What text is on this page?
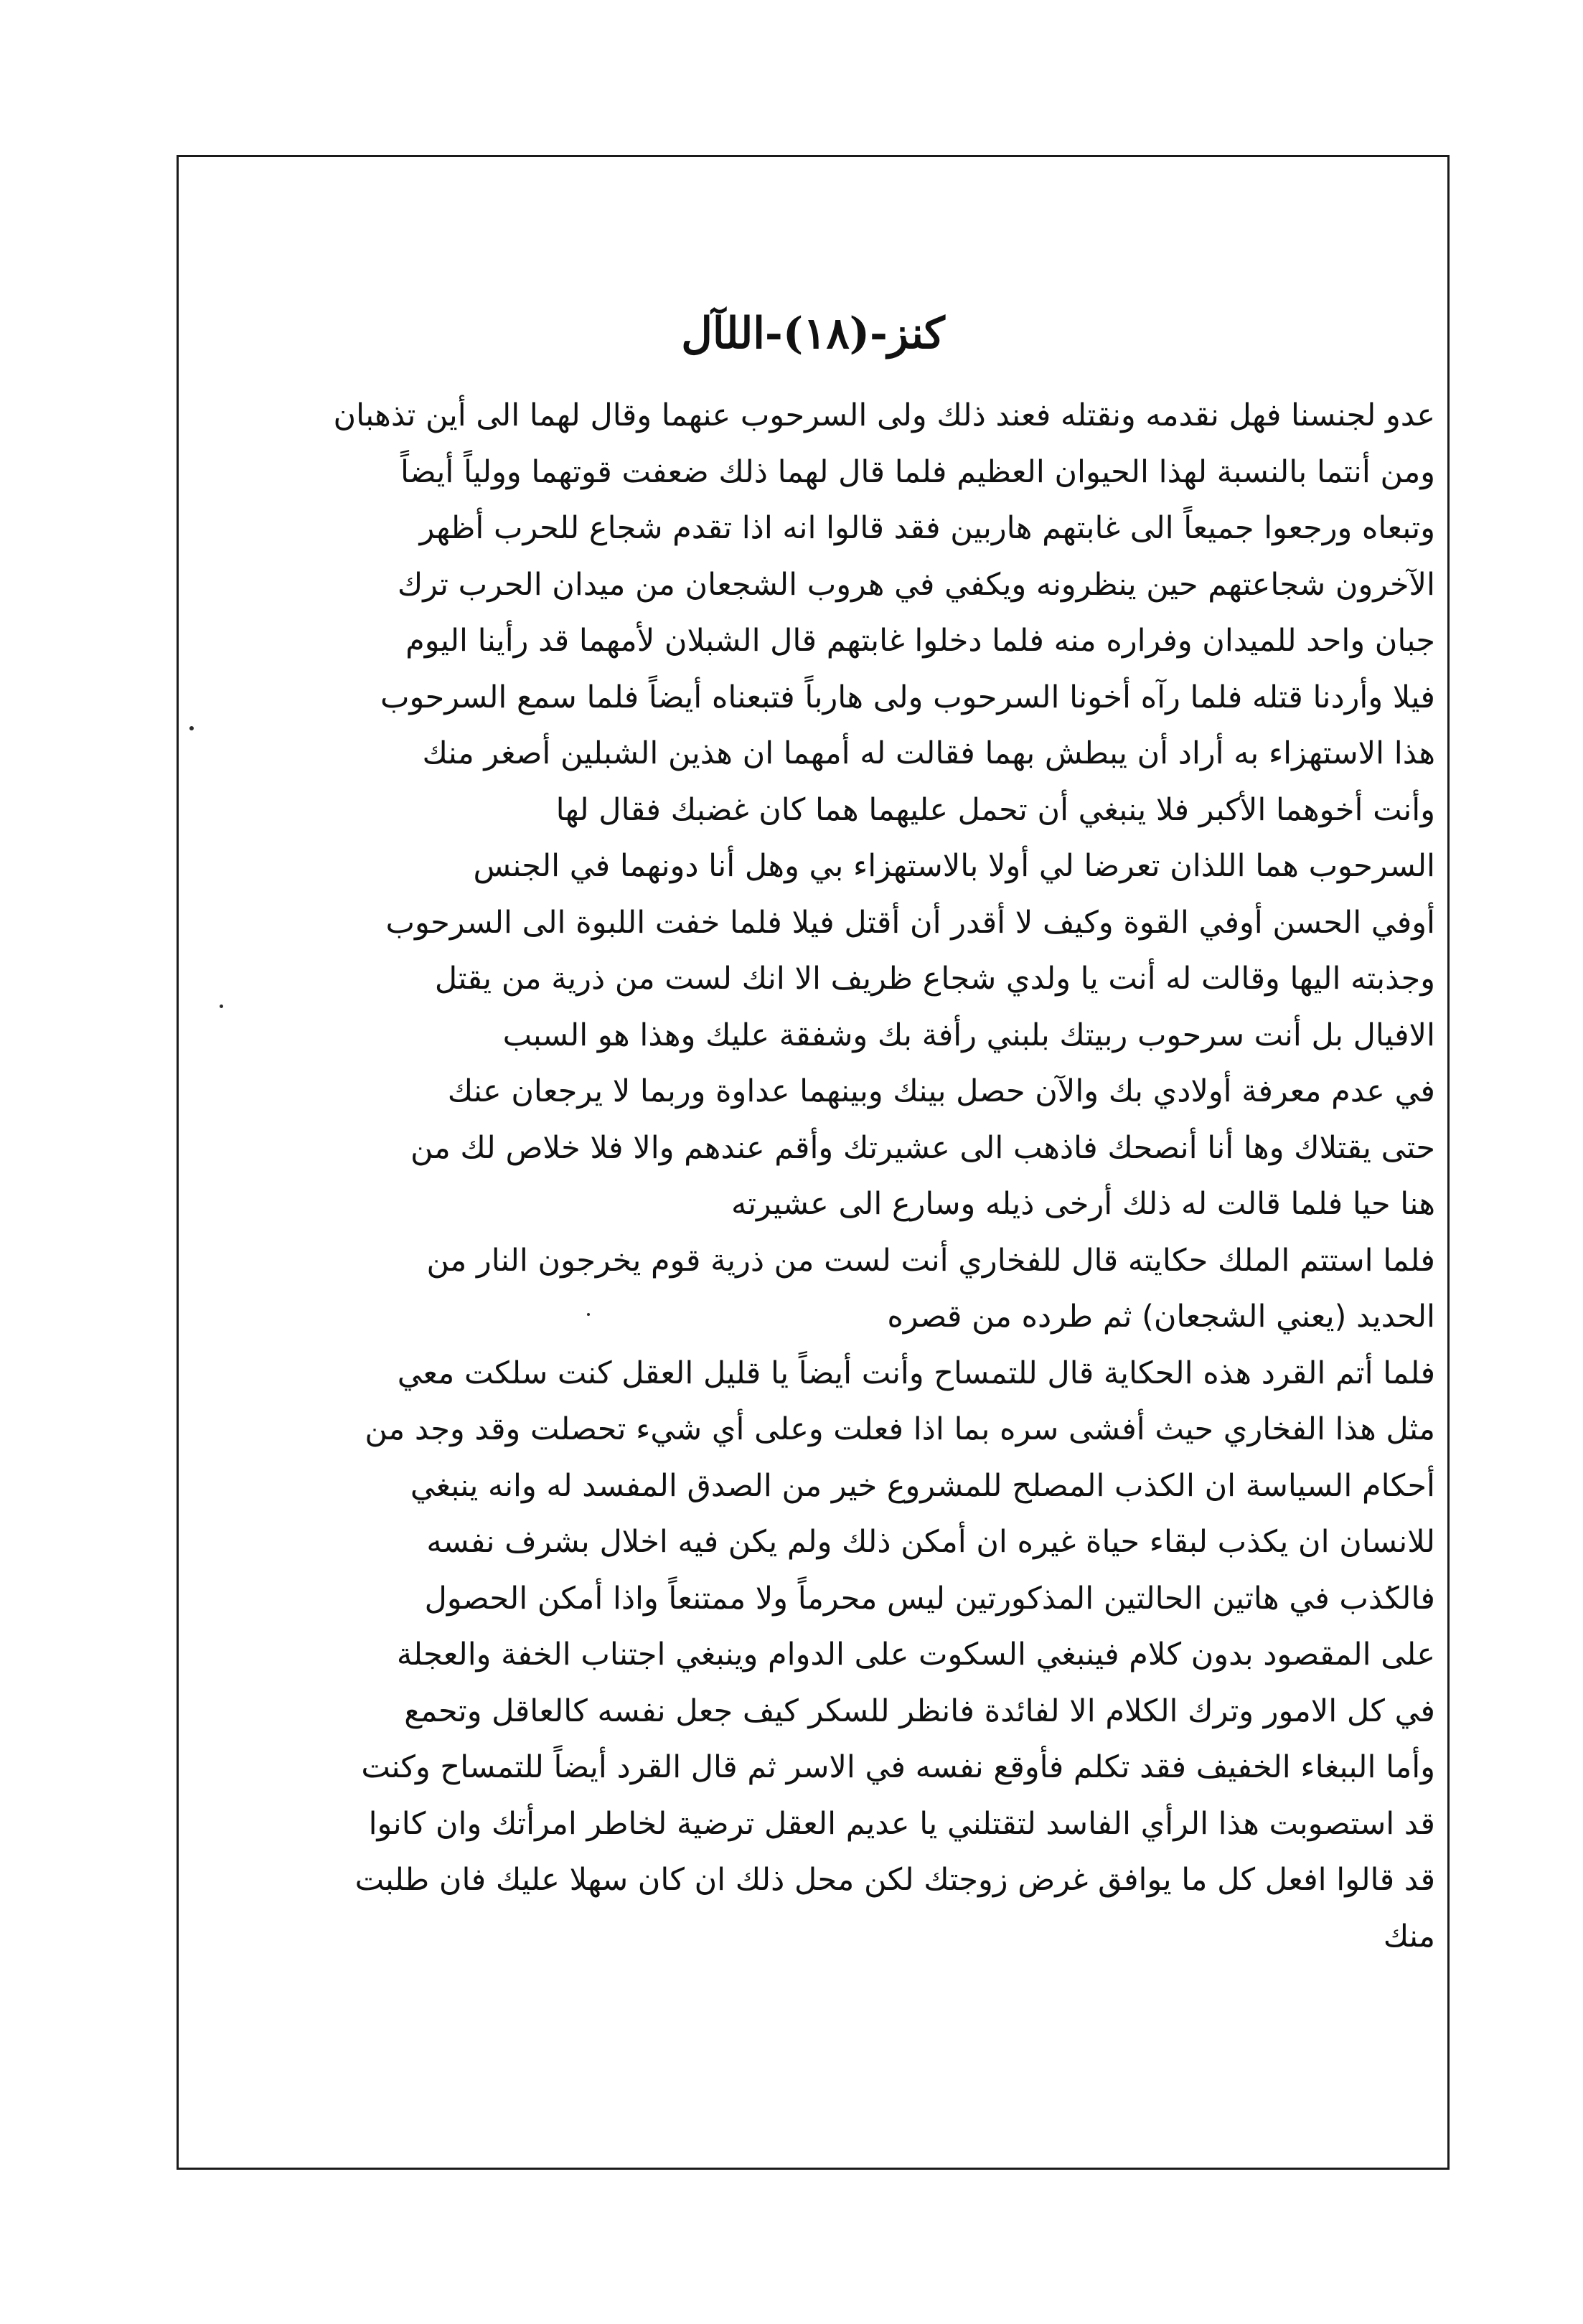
كنز-(١٨)-اللآل
عدو لجنسنا فهل نقدمه ونقتله فعند ذلك ولى السرحوب عنهما وقال لهما الى أين تذهبان
ومن أنتما بالنسبة لهذا الحيوان العظيم فلما قال لهما ذلك ضعفت قوتهما وولياً أيضاً
وتبعاه ورجعوا جميعاً الى غابتهم هاربين فقد قالوا انه اذا تقدم شجاع للحرب أظهر
الآخرون شجاعتهم حين ينظرونه ويكفي في هروب الشجعان من ميدان الحرب ترك
جبان واحد للميدان وفراره منه فلما دخلوا غابتهم قال الشبلان لأمهما قد رأينا اليوم
فيلا وأردنا قتله فلما رآه أخونا السرحوب ولى هارباً فتبعناه أيضاً فلما سمع السرحوب
هذا الاستهزاء به أراد أن يبطش بهما فقالت له أمهما ان هذين الشبلين أصغر منك
وأنت أخوهما الأكبر فلا ينبغي أن تحمل عليهما هما كان غضبك فقال لها
السرحوب هما اللذان تعرضا لي أولا بالاستهزاء بي وهل أنا دونهما في الجنس
أوفي الحسن أوفي القوة وكيف لا أقدر أن أقتل فيلا فلما خفت اللبوة الى السرحوب
وجذبته اليها وقالت له أنت يا ولدي شجاع ظريف الا انك لست من ذرية من يقتل
الافيال بل أنت سرحوب ربيتك بلبني رأفة بك وشفقة عليك وهذا هو السبب
في عدم معرفة أولادي بك والآن حصل بينك وبينهما عداوة وربما لا يرجعان عنك
حتى يقتلاك وها أنا أنصحك فاذهب الى عشيرتك وأقم عندهم والا فلا خلاص لك من
هنا حيا فلما قالت له ذلك أرخى ذيله وسارع الى عشيرته
فلما استتم الملك حكايته قال للفخاري أنت لست من ذرية قوم يخرجون النار من
الحديد (يعني الشجعان) ثم طرده من قصره
فلما أتم القرد هذه الحكاية قال للتمساح وأنت أيضاً يا قليل العقل كنت سلكت معي
مثل هذا الفخاري حيث أفشى سره بما اذا فعلت وعلى أي شيء تحصلت وقد وجد من
أحكام السياسة ان الكذب المصلح للمشروع خير من الصدق المفسد له وانه ينبغي
للانسان ان يكذب لبقاء حياة غيره ان أمكن ذلك ولم يكن فيه اخلال بشرف نفسه
فالكذب في هاتين الحالتين المذكورتين ليس محرماً ولا ممتنعاً واذا أمكن الحصول
على المقصود بدون كلام فينبغي السكوت على الدوام وينبغي اجتناب الخفة والعجلة
في كل الامور وترك الكلام الا لفائدة فانظر للسكر كيف جعل نفسه كالعاقل وتحمع
وأما الببغاء الخفيف فقد تكلم فأوقع نفسه في الاسر ثم قال القرد أيضاً للتمساح وكنت
قد استصوبت هذا الرأي الفاسد لتقتلني يا عديم العقل ترضية لخاطر امرأتك وان كانوا
قد قالوا افعل كل ما يوافق غرض زوجتك لكن محل ذلك ان كان سهلا عليك فان طلبت
منك
